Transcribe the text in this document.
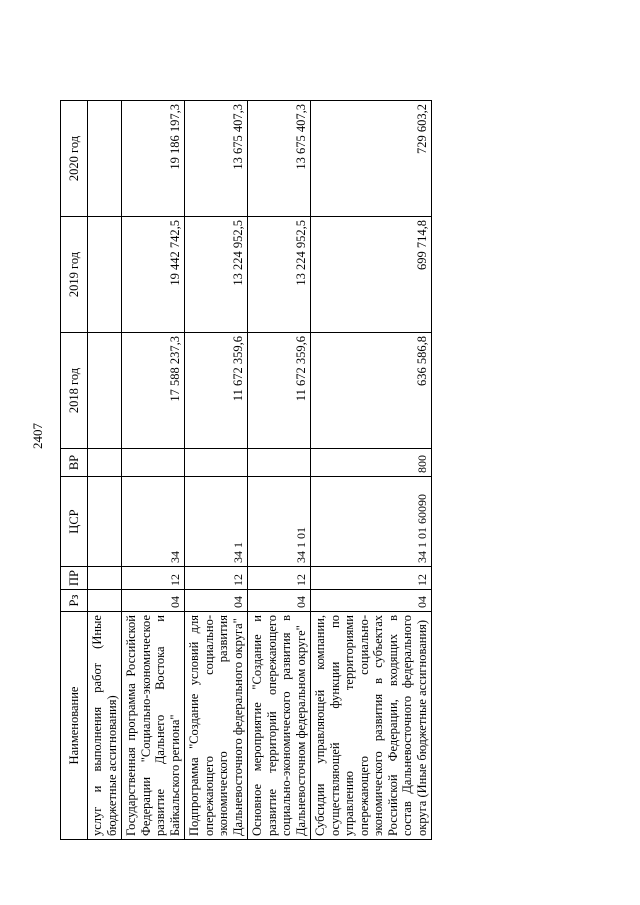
2407
Наименование	Рз	ПР	ЦСР	ВР	2018 год	2019 год	2020 год
услуг и выполнения работ (Иные бюджетные ассигнования)							
Государственная программа Российской Федерации "Социально-экономическое развитие Дальнего Востока и Байкальского региона"	04	12	34		17 588 237,3	19 442 742,5	19 186 197,3
Подпрограмма "Создание условий для опережающего социально-экономического развития Дальневосточного федерального округа"	04	12	34 1		11 672 359,6	13 224 952,5	13 675 407,3
Основное мероприятие "Создание и развитие территорий опережающего социально-экономического развития в Дальневосточном федеральном округе"	04	12	34 1 01		11 672 359,6	13 224 952,5	13 675 407,3
Субсидии управляющей компании, осуществляющей функции по управлению территориями опережающего социально-экономического развития в субъектах Российской Федерации, входящих в состав Дальневосточного федерального округа (Иные бюджетные ассигнования)	04	12	34 1 01 60090	800	636 586,8	699 714,8	729 603,2
